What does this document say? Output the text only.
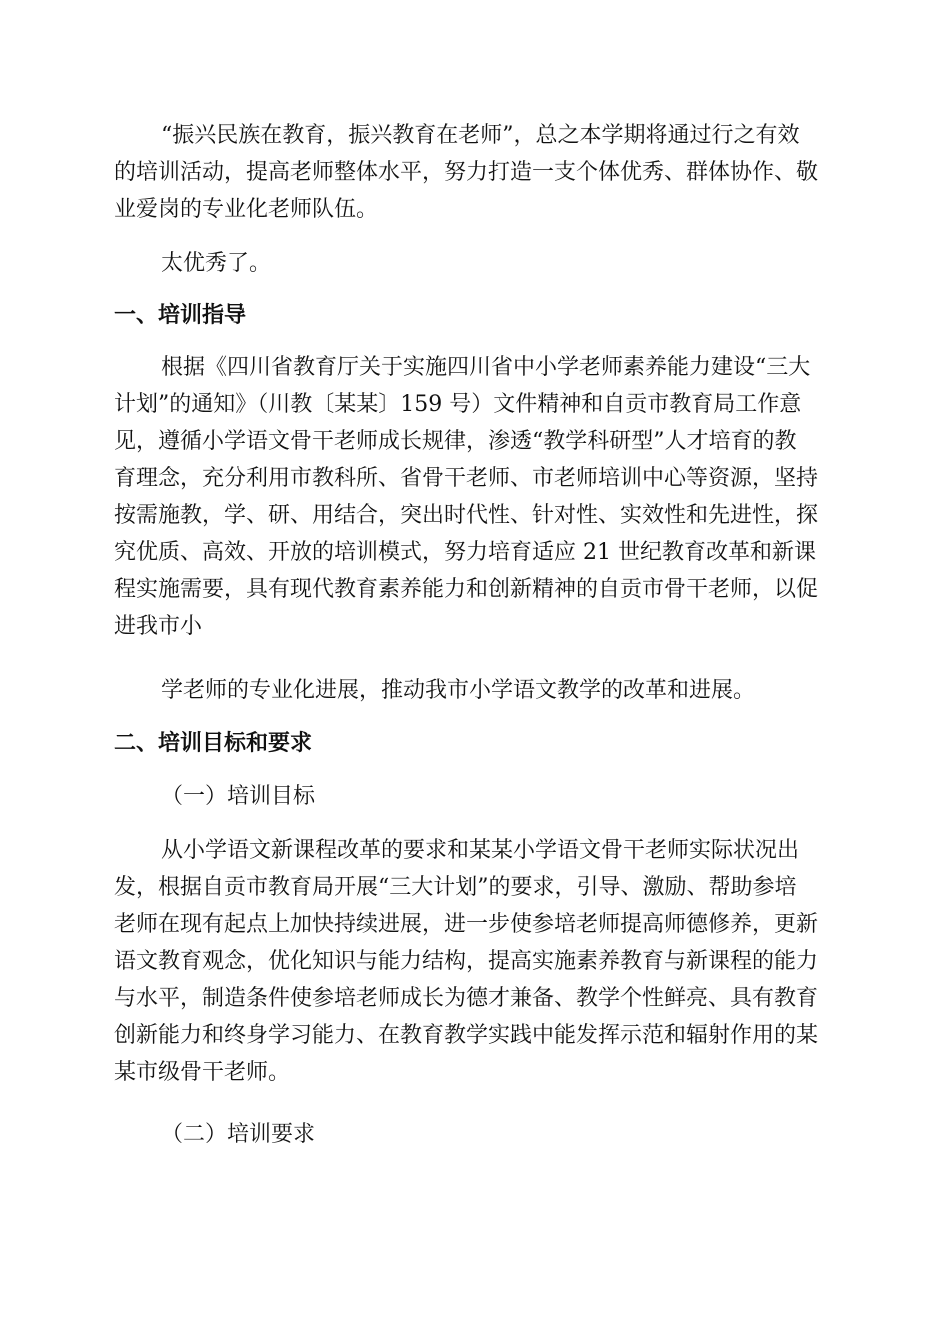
“振兴民族在教育，振兴教育在老师”，总之本学期将通过行之有效
的培训活动，提高老师整体水平，努力打造一支个体优秀、群体协作、敬
业爱岗的专业化老师队伍。

太优秀了。

一、培训指导

根据《四川省教育厅关于实施四川省中小学老师素养能力建设“三大
计划”的通知》（川教〔某某〕159 号）文件精神和自贡市教育局工作意
见，遵循小学语文骨干老师成长规律，渗透“教学科研型”人才培育的教
育理念，充分利用市教科所、省骨干老师、市老师培训中心等资源，坚持
按需施教，学、研、用结合，突出时代性、针对性、实效性和先进性，探
究优质、高效、开放的培训模式，努力培育适应 21 世纪教育改革和新课
程实施需要，具有现代教育素养能力和创新精神的自贡市骨干老师，以促
进我市小

学老师的专业化进展，推动我市小学语文教学的改革和进展。

二、培训目标和要求

（一）培训目标

从小学语文新课程改革的要求和某某小学语文骨干老师实际状况出
发，根据自贡市教育局开展“三大计划”的要求，引导、激励、帮助参培
老师在现有起点上加快持续进展，进一步使参培老师提高师德修养，更新
语文教育观念，优化知识与能力结构，提高实施素养教育与新课程的能力
与水平，制造条件使参培老师成长为德才兼备、教学个性鲜亮、具有教育
创新能力和终身学习能力、在教育教学实践中能发挥示范和辐射作用的某
某市级骨干老师。

（二）培训要求
